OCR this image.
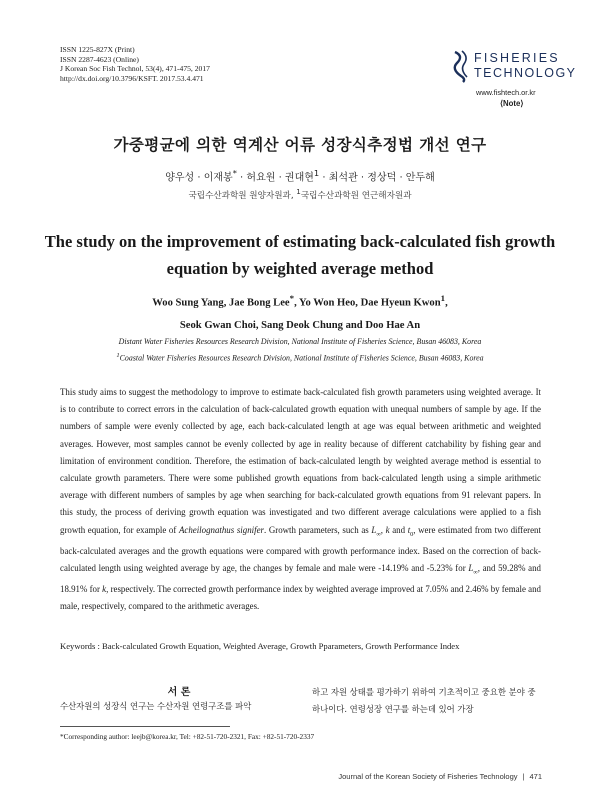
ISSN 1225-827X (Print)
ISSN 2287-4623 (Online)
J Korean Soc Fish Technol, 53(4), 471-475, 2017
http://dx.doi.org/10.3796/KSFT. 2017.53.4.471
FISHERIES
TECHNOLOGY
www.fishtech.or.kr
⟨Note⟩
가중평균에 의한 역계산 어류 성장식추정법 개선 연구
양우성 · 이재봉* · 허요원 · 권대현$^1$ · 최석관 · 정상덕 · 안두해
국립수산과학원 원양자원과, $^1$국립수산과학원 연근해자원과
The study on the improvement of estimating back-calculated fish growth
equation by weighted average method
Woo Sung Yang, Jae Bong Lee*, Yo Won Heo, Dae Hyeun Kwon$^1$,
Seok Gwan Choi, Sang Deok Chung and Doo Hae An
Distant Water Fisheries Resources Research Division, National Institute of Fisheries Science, Busan 46083, Korea
$^1$Coastal Water Fisheries Resources Research Division, National Institute of Fisheries Science, Busan 46083, Korea
This study aims to suggest the methodology to improve to estimate back-calculated fish growth parameters using weighted average. It is to contribute to correct errors in the calculation of back-calculated growth equation with unequal numbers of sample by age. If the numbers of sample were evenly collected by age, each back-calculated length at age was equal between arithmetic and weighted averages. However, most samples cannot be evenly collected by age in reality because of different catchability by fishing gear and limitation of environment condition. Therefore, the estimation of back-calculated length by weighted average method is essential to calculate growth parameters. There were some published growth equations from back-calculated length using a simple arithmetic average with different numbers of samples by age when searching for back-calculated growth equations from 91 relevant papers. In this study, the process of deriving growth equation was investigated and two different average calculations were applied to a fish growth equation, for example of Acheilognathus signifer. Growth parameters, such as $L_\infty$, k and $t_0$, were estimated from two different back-calculated averages and the growth equations were compared with growth performance index. Based on the correction of back-calculated length using weighted average by age, the changes by female and male were -14.19% and -5.23% for $L_\infty$, and 59.28% and 18.91% for k, respectively. The corrected growth performance index by weighted average improved at 7.05% and 2.46% by female and male, respectively, compared to the arithmetic averages.
Keywords : Back-calculated Growth Equation, Weighted Average, Growth Pparameters, Growth Performance Index
서 론
수산자원의 성장식 연구는 수산자원 연령구조를 파악
하고 자원 상태를 평가하기 위하여 기초적이고 중요한 분야 중 하나이다. 연령성장 연구를 하는데 있어 가장
*Corresponding author: leejb@korea.kr, Tel: +82-51-720-2321, Fax: +82-51-720-2337
Journal of the Korean Society of Fisheries Technology | 471
